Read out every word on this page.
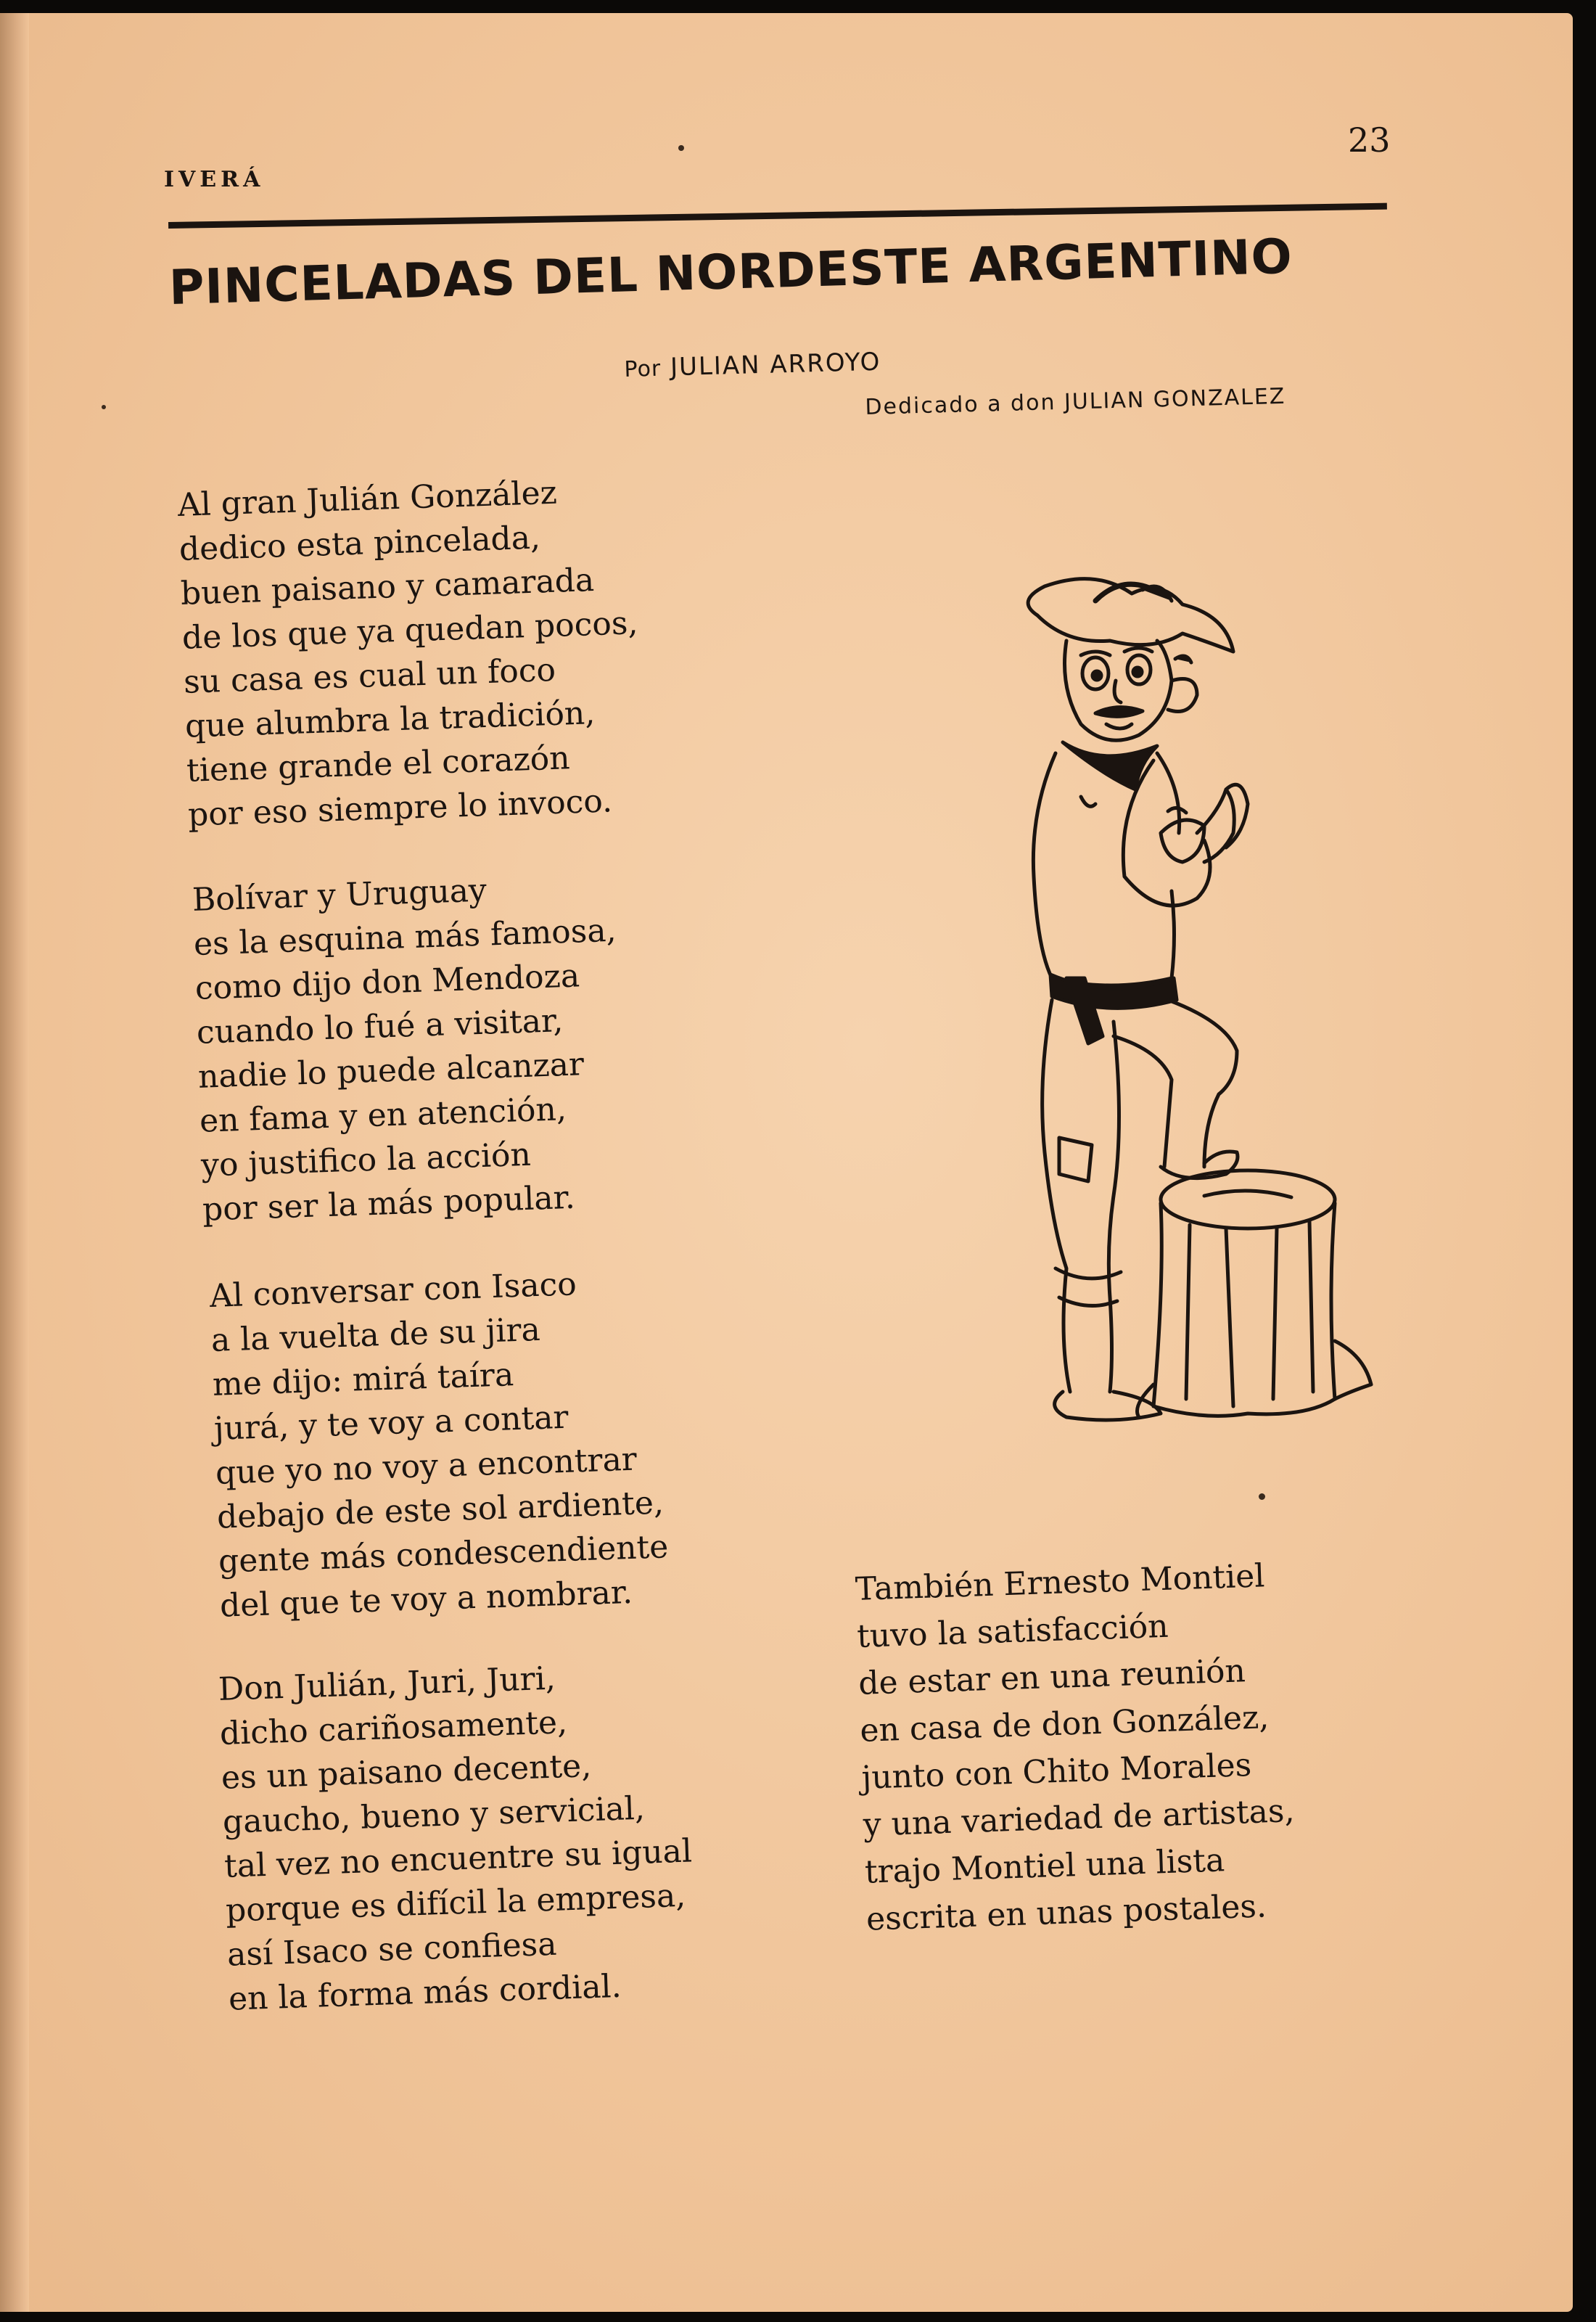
IVERÁ
23
PINCELADAS DEL NORDESTE ARGENTINO
Por JULIAN ARROYO
Dedicado a don JULIAN GONZALEZ

Al gran Julián González
dedico esta pincelada,
buen paisano y camarada
de los que ya quedan pocos,
su casa es cual un foco
que alumbra la tradición,
tiene grande el corazón
por eso siempre lo invoco.

Bolívar y Uruguay
es la esquina más famosa,
como dijo don Mendoza
cuando lo fué a visitar,
nadie lo puede alcanzar
en fama y en atención,
yo justifico la acción
por ser la más popular.

Al conversar con Isaco
a la vuelta de su jira
me dijo: mirá taíra
jurá, y te voy a contar
que yo no voy a encontrar
debajo de este sol ardiente,
gente más condescendiente
del que te voy a nombrar.

Don Julián, Juri, Juri,
dicho cariñosamente,
es un paisano decente,
gaucho, bueno y servicial,
tal vez no encuentre su igual
porque es difícil la empresa,
así Isaco se confiesa
en la forma más cordial.

También Ernesto Montiel
tuvo la satisfacción
de estar en una reunión
en casa de don González,
junto con Chito Morales
y una variedad de artistas,
trajo Montiel una lista
escrita en unas postales.
